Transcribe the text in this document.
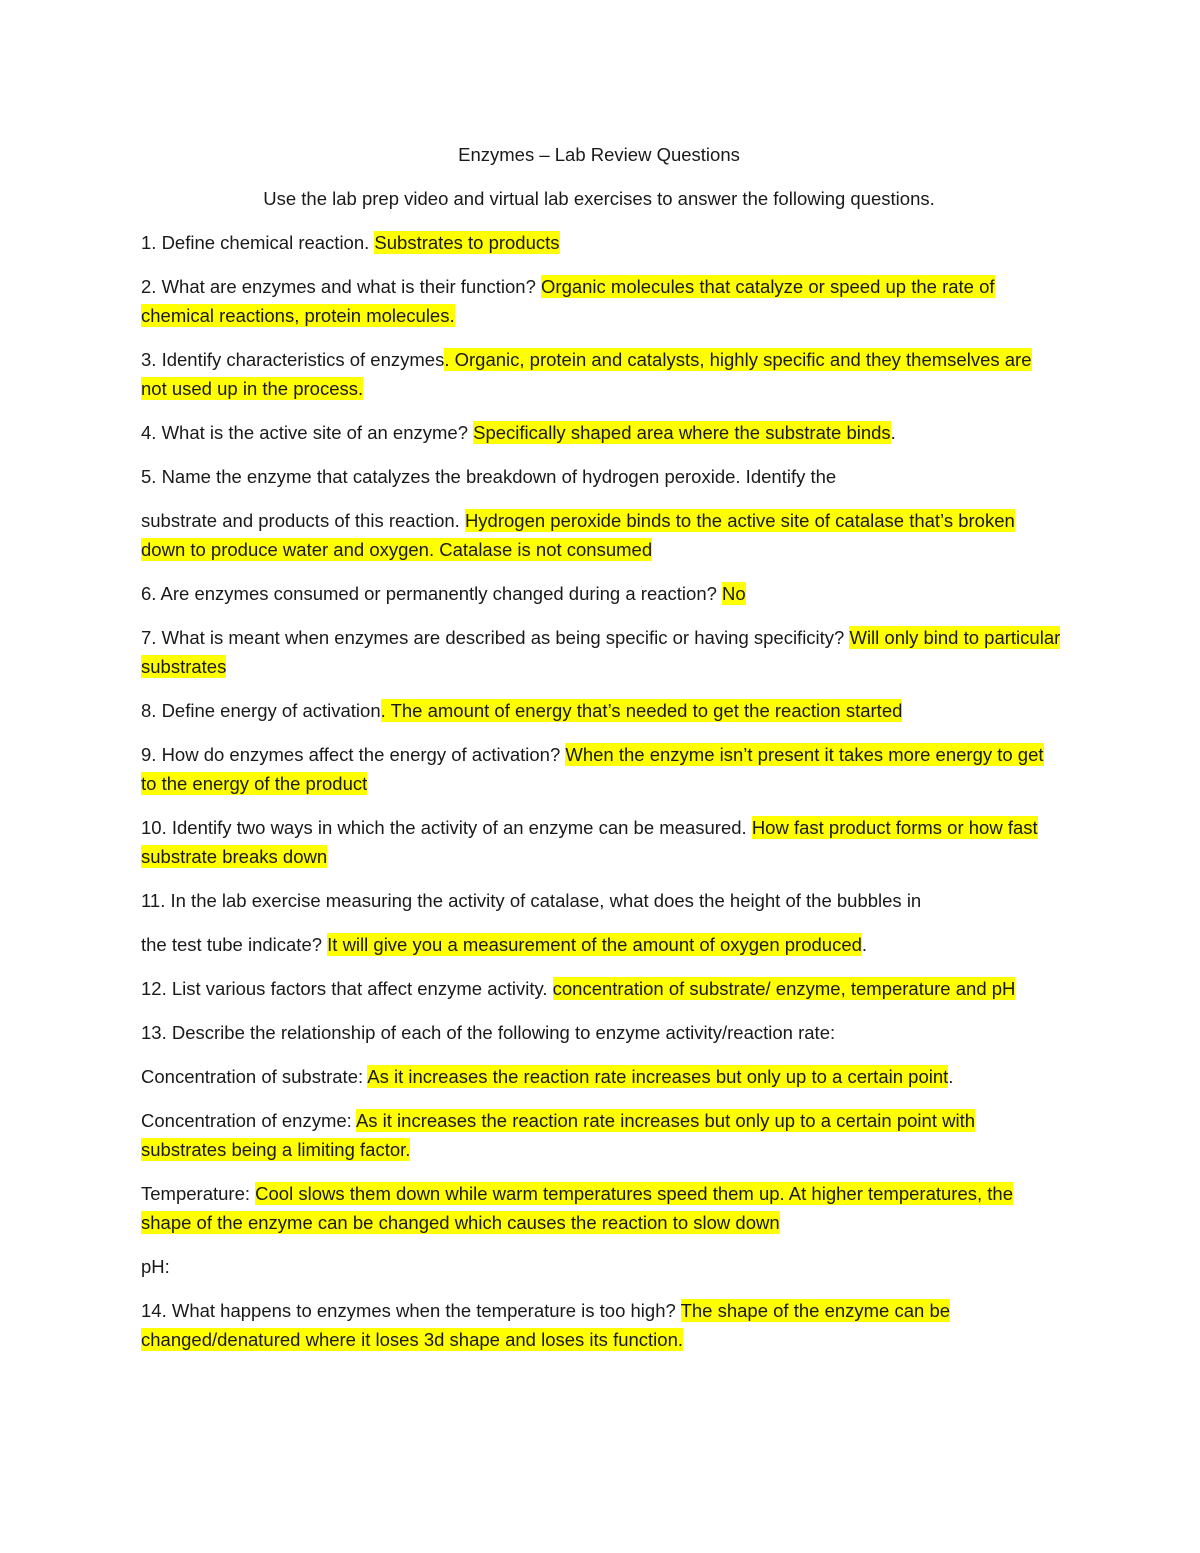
Enzymes – Lab Review Questions

Use the lab prep video and virtual lab exercises to answer the following questions.

1. Define chemical reaction. Substrates to products

2. What are enzymes and what is their function? Organic molecules that catalyze or speed up the rate of chemical reactions, protein molecules.

3. Identify characteristics of enzymes. Organic, protein and catalysts, highly specific and they themselves are not used up in the process.

4. What is the active site of an enzyme? Specifically shaped area where the substrate binds.

5. Name the enzyme that catalyzes the breakdown of hydrogen peroxide. Identify the

substrate and products of this reaction. Hydrogen peroxide binds to the active site of catalase that’s broken down to produce water and oxygen. Catalase is not consumed

6. Are enzymes consumed or permanently changed during a reaction? No

7. What is meant when enzymes are described as being specific or having specificity? Will only bind to particular substrates

8. Define energy of activation. The amount of energy that’s needed to get the reaction started

9. How do enzymes affect the energy of activation? When the enzyme isn’t present it takes more energy to get to the energy of the product

10. Identify two ways in which the activity of an enzyme can be measured. How fast product forms or how fast substrate breaks down

11. In the lab exercise measuring the activity of catalase, what does the height of the bubbles in

the test tube indicate? It will give you a measurement of the amount of oxygen produced.

12. List various factors that affect enzyme activity. concentration of substrate/ enzyme, temperature and pH

13. Describe the relationship of each of the following to enzyme activity/reaction rate:

Concentration of substrate: As it increases the reaction rate increases but only up to a certain point.

Concentration of enzyme: As it increases the reaction rate increases but only up to a certain point with substrates being a limiting factor.

Temperature: Cool slows them down while warm temperatures speed them up. At higher temperatures, the shape of the enzyme can be changed which causes the reaction to slow down

pH:

14. What happens to enzymes when the temperature is too high? The shape of the enzyme can be changed/denatured where it loses 3d shape and loses its function.
